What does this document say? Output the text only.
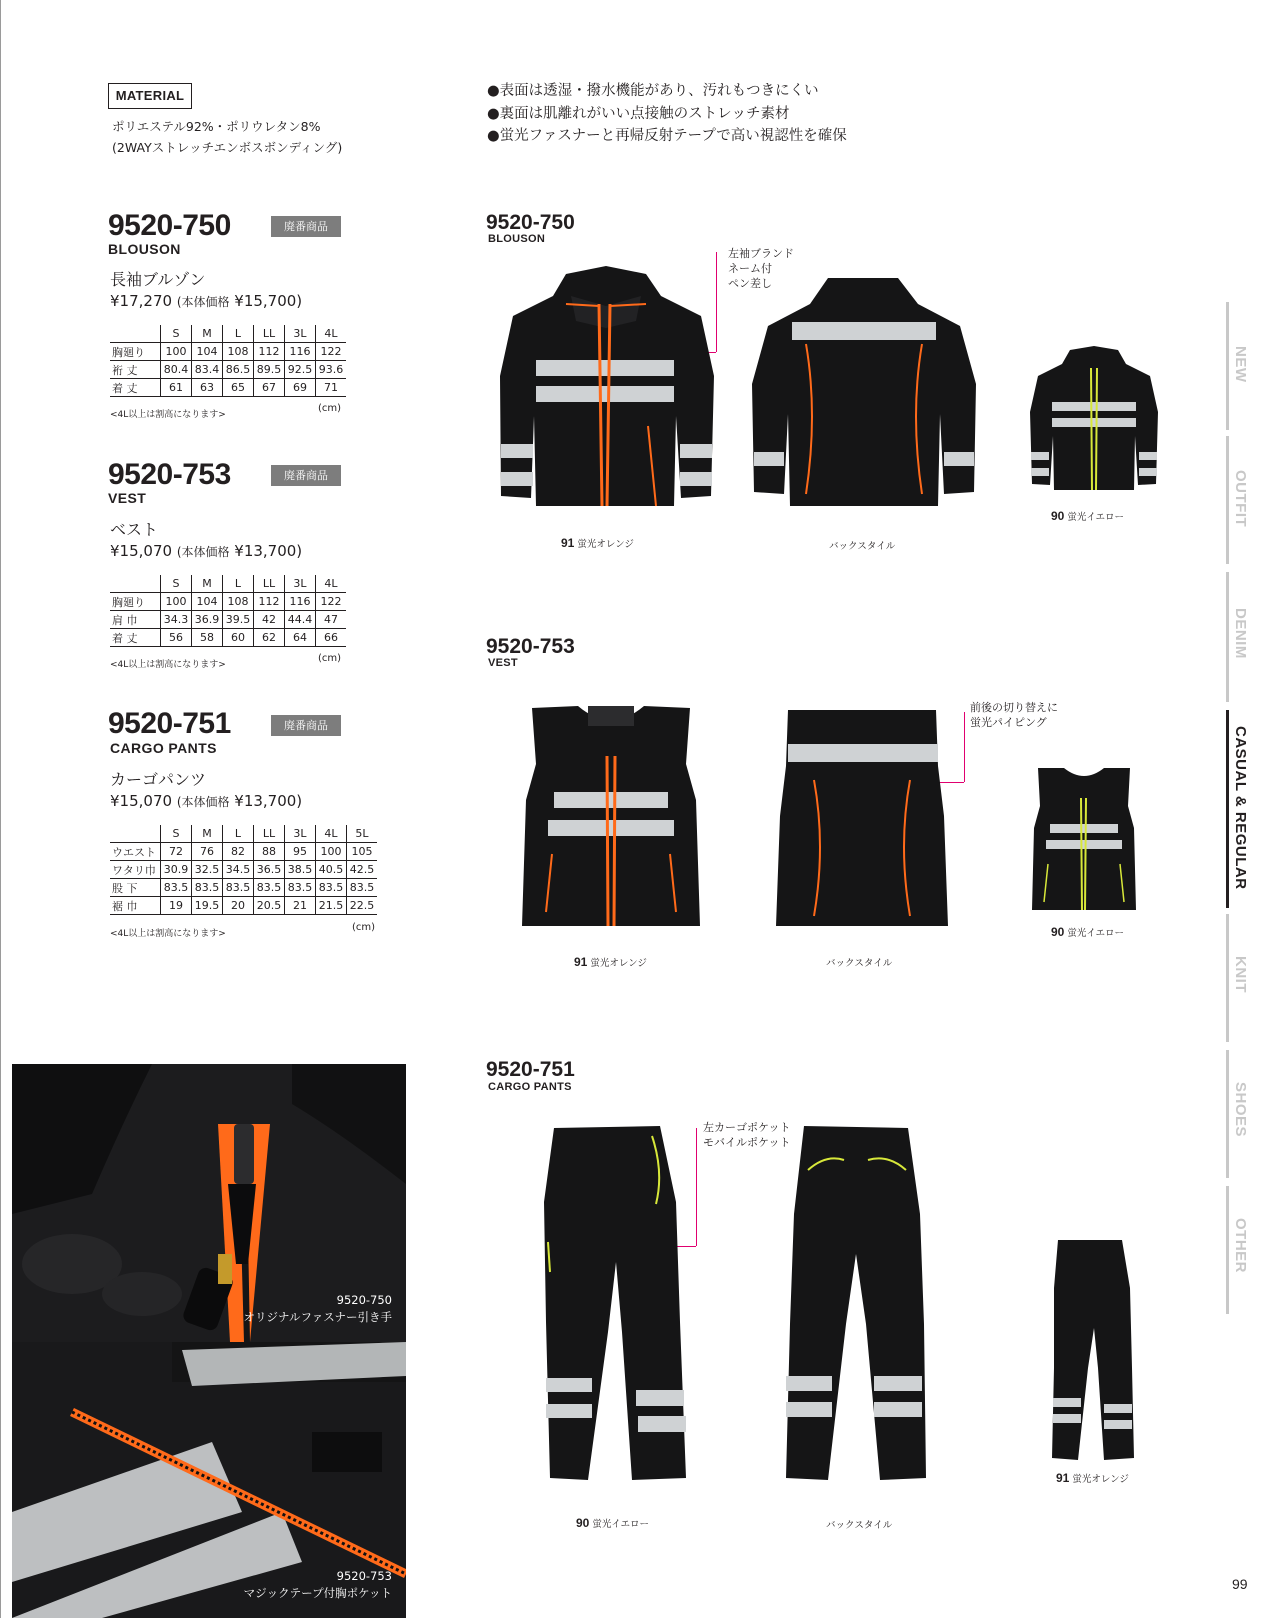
MATERIAL
ポリエステル92%・ポリウレタン8%
(2WAYストレッチエンボスボンディング)
●表面は透湿・撥水機能があり、汚れもつきにくい
●裏面は肌離れがいい点接触のストレッチ素材
●蛍光ファスナーと再帰反射テープで高い視認性を確保
9520-750	廃番商品
BLOUSON
長袖ブルゾン
¥17,270 (本体価格 ¥15,700)
	S	M	L	LL	3L	4L
胸廻り	100	104	108	112	116	122
裄 丈	80.4	83.4	86.5	89.5	92.5	93.6
着 丈	61	63	65	67	69	71
<4L以上は割高になります>
(cm)
9520-753	廃番商品
VEST
ベスト
¥15,070 (本体価格 ¥13,700)
	S	M	L	LL	3L	4L
胸廻り	100	104	108	112	116	122
肩 巾	34.3	36.9	39.5	42	44.4	47
着 丈	56	58	60	62	64	66
<4L以上は割高になります>
(cm)
9520-751	廃番商品
CARGO PANTS
カーゴパンツ
¥15,070 (本体価格 ¥13,700)
	S	M	L	LL	3L	4L	5L
ウエスト	72	76	82	88	95	100	105
ワタリ巾	30.9	32.5	34.5	36.5	38.5	40.5	42.5
股 下	83.5	83.5	83.5	83.5	83.5	83.5	83.5
裾 巾	19	19.5	20	20.5	21	21.5	22.5
<4L以上は割高になります>
(cm)
9520-750
BLOUSON
左袖ブランド
ネーム付
ペン差し
91 蛍光オレンジ	バックスタイル
90 蛍光イエロー
9520-753
VEST
前後の切り替えに
蛍光パイピング
91 蛍光オレンジ	バックスタイル
90 蛍光イエロー
9520-751
CARGO PANTS
左カーゴポケット
モバイルポケット
90 蛍光イエロー	バックスタイル
91 蛍光オレンジ
9520-750
オリジナルファスナー引き手
9520-753
マジックテープ付胸ポケット
NEW
OUTFIT
DENIM
CASUAL & REGULAR
KNIT
SHOES
OTHER
99
